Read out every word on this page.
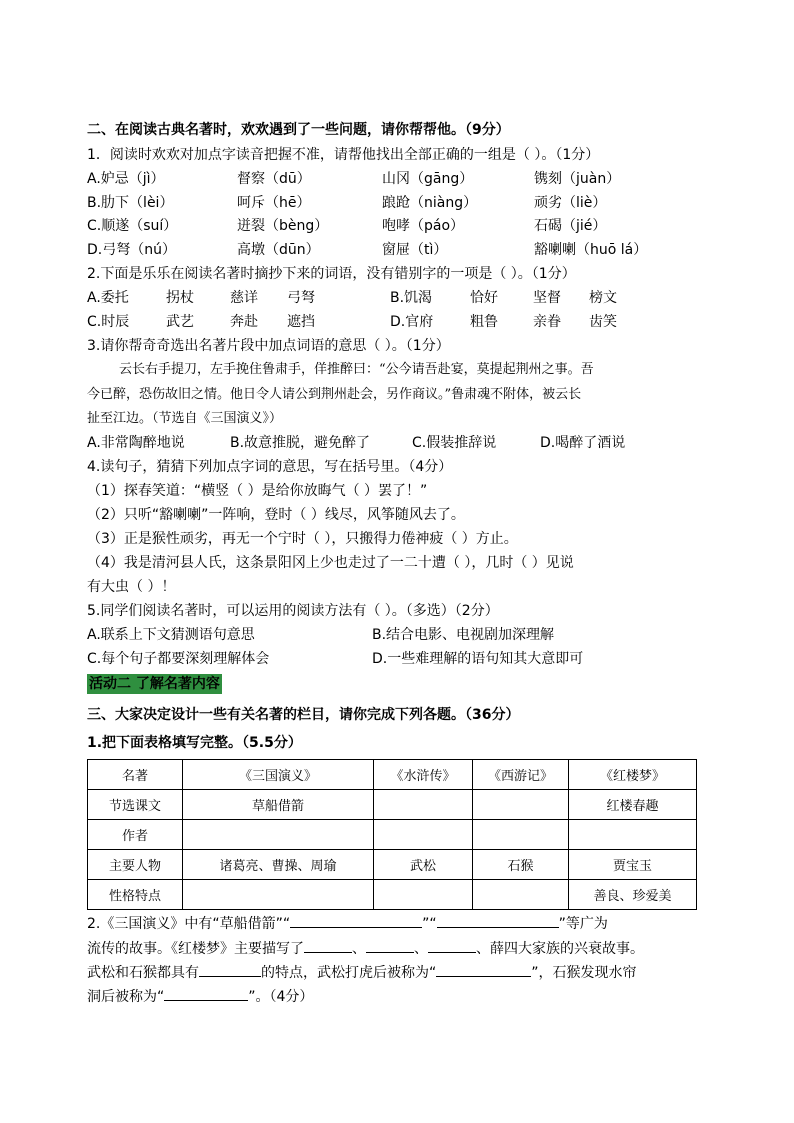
二、在阅读古典名著时，欢欢遇到了一些问题，请你帮帮他。（9分）
1．阅读时欢欢对加点字读音把握不准，请帮他找出全部正确的一组是（ ）。（1分）
A.妒忌（jì）	督察（dū）	山冈（gāng）	镌刻（juàn）
B.肋下（lèi）	呵斥（hē）	踉跄（niàng）	顽劣（liè）
C.顺遂（suí）	迸裂（bèng）	咆哮（páo）	石碣（jié）
D.弓弩（nú）	高墩（dūn）	窗屉（tì）	豁喇喇（huō lá）
2.下面是乐乐在阅读名著时摘抄下来的词语，没有错别字的一项是（ ）。（1分）
A.委托	拐杖	慈详 弓弩	B.饥渴	恰好	坚督 榜文
C.时辰	武艺	奔赴 遮挡	D.官府	粗鲁	亲眷 齿笑
3.请你帮奇奇选出名著片段中加点词语的意思（ ）。（1分）
云长右手提刀，左手挽住鲁肃手，佯推醉曰：“公今请吾赴宴，莫提起荆州之事。吾
今已醉，恐伤故旧之情。他日令人请公到荆州赴会，另作商议。”鲁肃魂不附体，被云长
扯至江边。（节选自《三国演义》）
A.非常陶醉地说	B.故意推脱，避免醉了	C.假装推辞说	D.喝醉了酒说
4.读句子，猜猜下列加点字词的意思，写在括号里。（4分）
（1）探春笑道：“横竖（ ）是给你放晦气（ ）罢了！”
（2）只听“豁喇喇”一阵响，登时（ ）线尽，风筝随风去了。
（3）正是猴性顽劣，再无一个宁时（ ），只搬得力倦神疲（ ）方止。
（4）我是清河县人氏，这条景阳冈上少也走过了一二十遭（ ），几时（ ）见说
有大虫（ ）！
5.同学们阅读名著时，可以运用的阅读方法有（ ）。（多选）（2分）
A.联系上下文猜测语句意思	B.结合电影、电视剧加深理解
C.每个句子都要深刻理解体会	D.一些难理解的语句知其大意即可
活动二 了解名著内容
三、大家决定设计一些有关名著的栏目，请你完成下列各题。（36分）
1.把下面表格填写完整。（5.5分）
名著	《三国演义》	《水浒传》	《西游记》	《红楼梦》
节选课文	草船借箭			红楼春趣
作者				
主要人物	诸葛亮、曹操、周瑜	武松	石猴	贾宝玉
性格特点				善良、珍爱美
2.《三国演义》中有“草船借箭”“	”“	”等广为
流传的故事。《红楼梦》主要描写了	、	、	、薛四大家族的兴衰故事。
武松和石猴都具有	的特点，武松打虎后被称为“	”，石猴发现水帘
洞后被称为“	”。（4分）
